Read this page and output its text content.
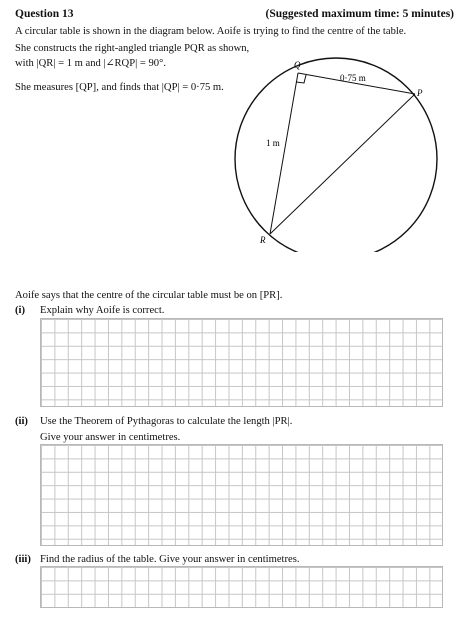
Question 13	(Suggested maximum time: 5 minutes)
A circular table is shown in the diagram below. Aoife is trying to find the centre of the table.
She constructs the right-angled triangle PQR as shown,
with |QR| = 1 m and |∠RQP| = 90°.
She measures [QP], and finds that |QP| = 0·75 m.
Q
P
R
0·75 m
1 m
Aoife says that the centre of the circular table must be on [PR].
(i) Explain why Aoife is correct.
(ii) Use the Theorem of Pythagoras to calculate the length |PR|.
Give your answer in centimetres.
(iii) Find the radius of the table. Give your answer in centimetres.
